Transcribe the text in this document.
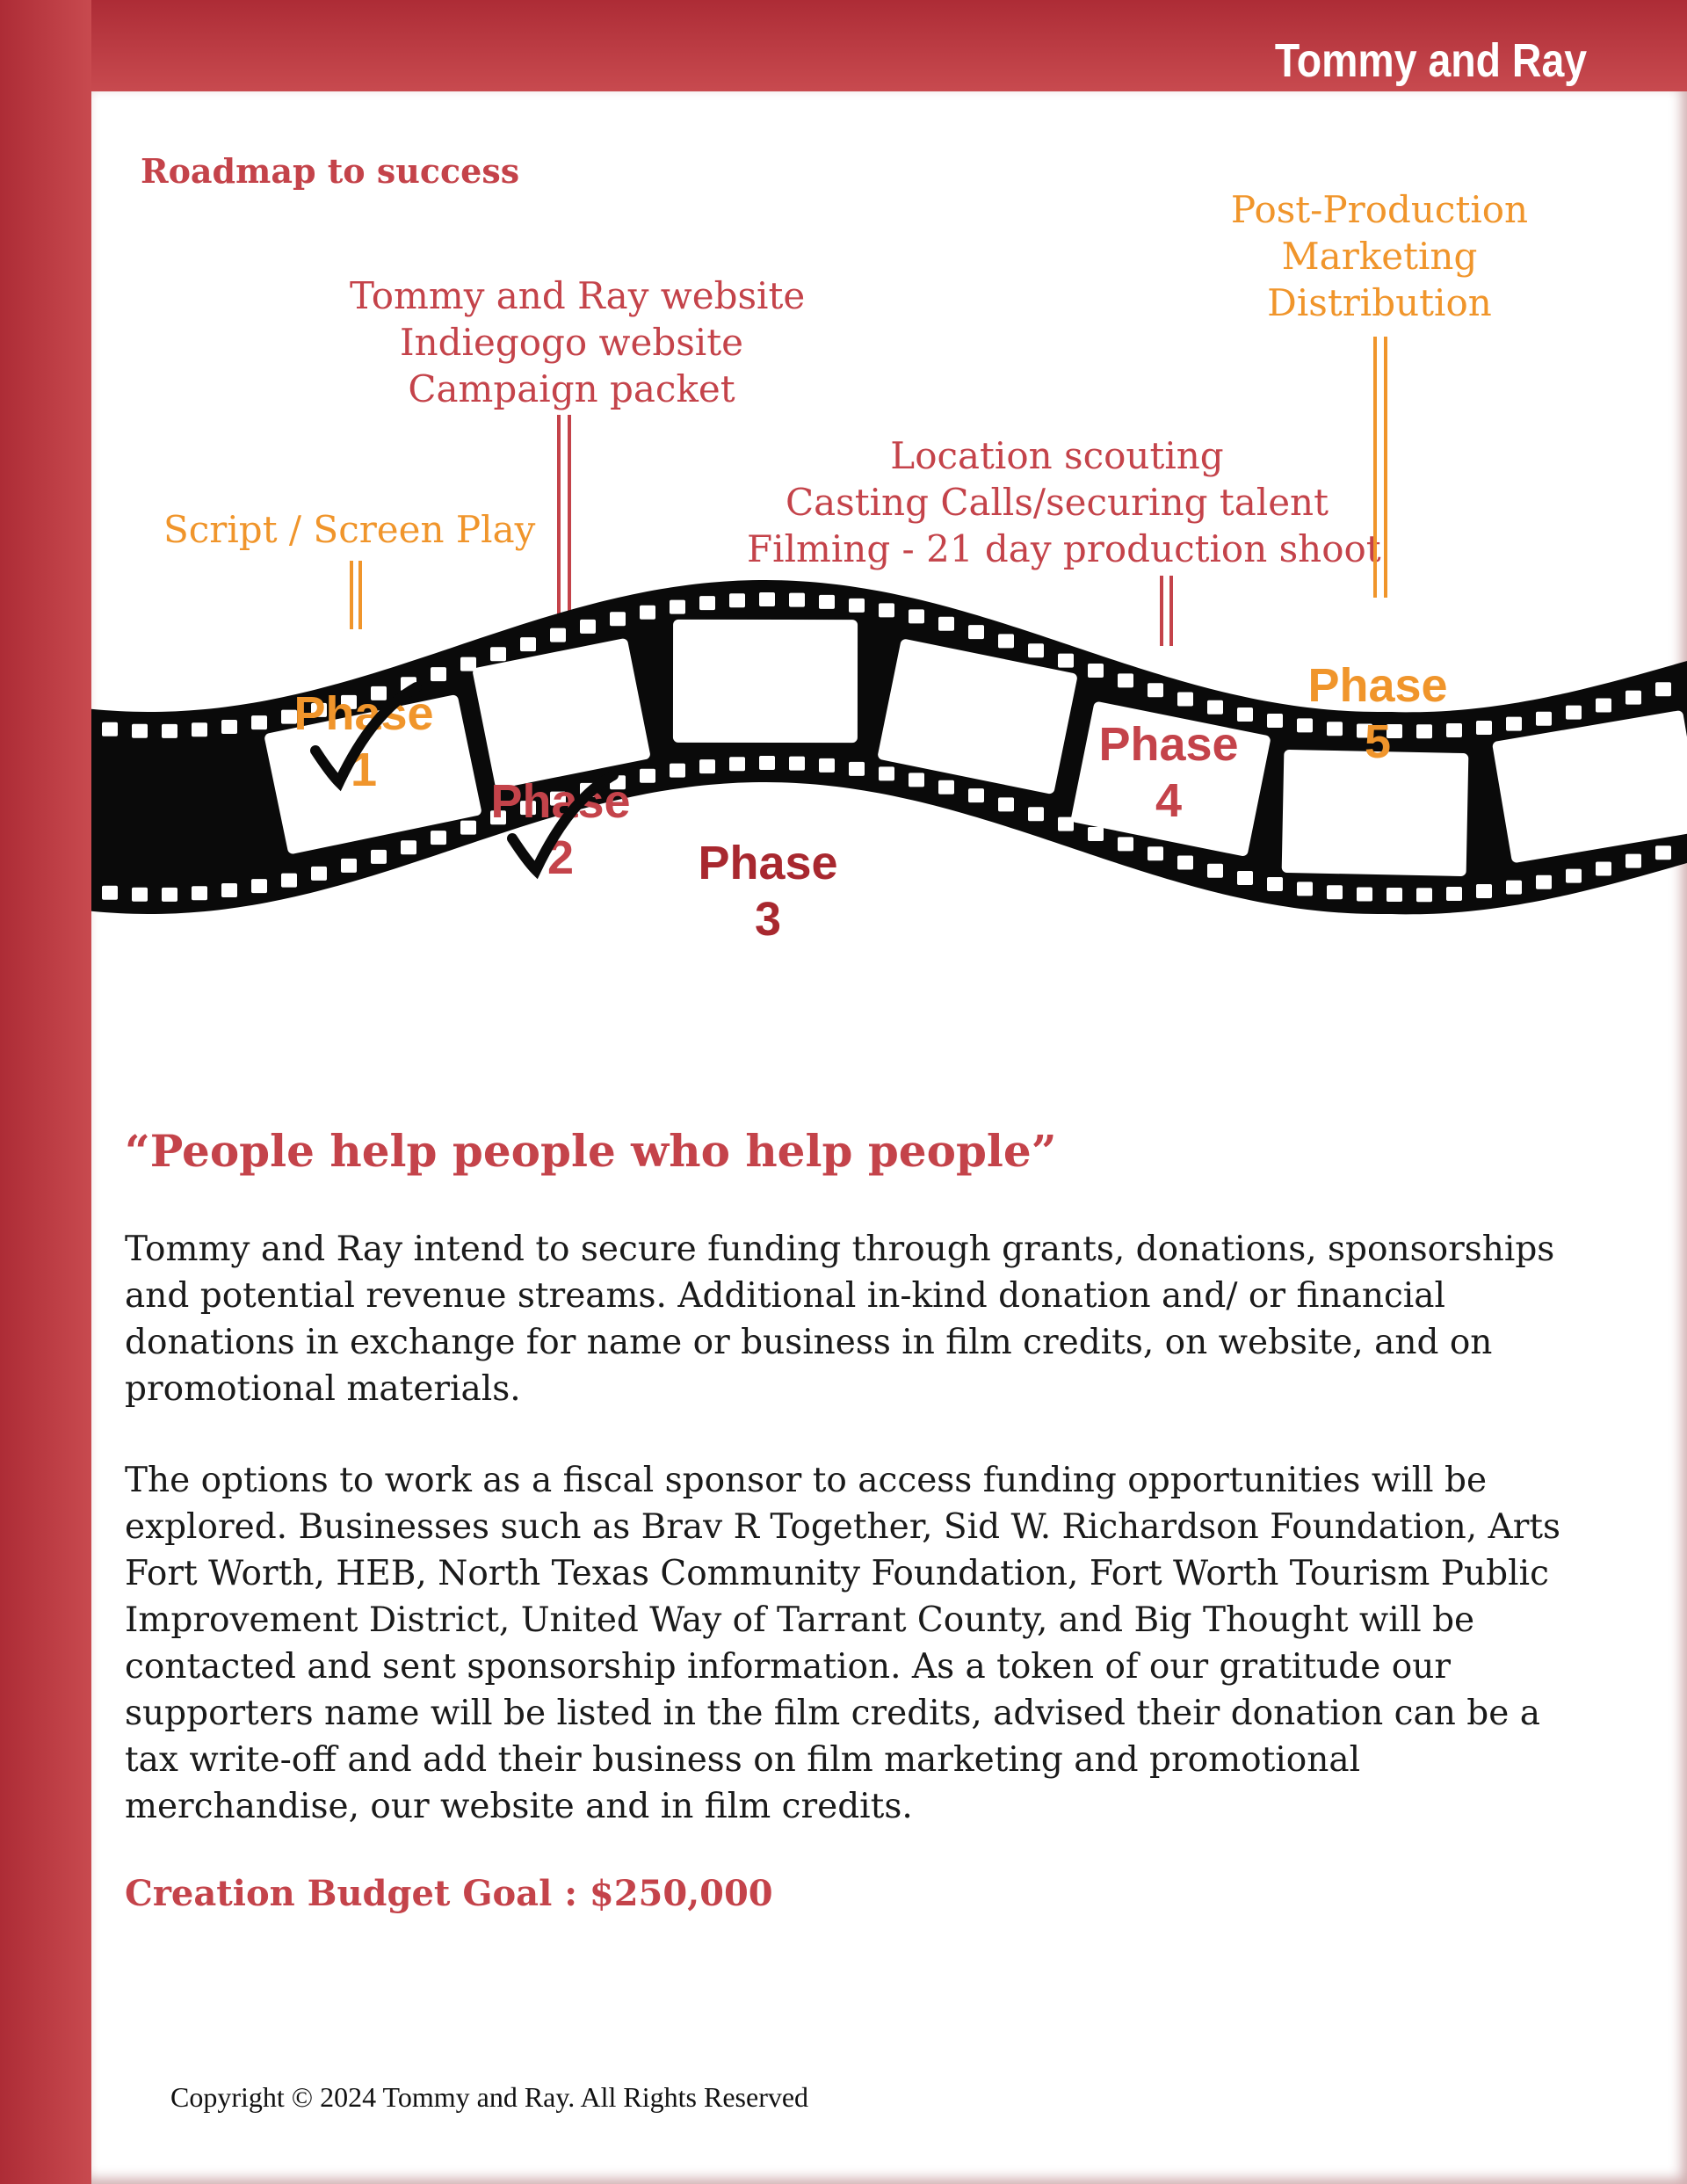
Tommy and Ray
Roadmap to success
Script / Screen Play
Tommy and Ray website
Indiegogo website
Campaign packet
Location scouting
Casting Calls/securing talent
Filming - 21 day production shoot
Post-Production
Marketing
Distribution
Phase
1
Phase
2	Phase
3
Phase
4
Phase
5
“People help people who help people”

Tommy and Ray intend to secure funding through grants, donations, sponsorships and potential revenue streams. Additional in-kind donation and/ or financial donations in exchange for name or business in film credits, on website, and on promotional materials.

The options to work as a fiscal sponsor to access funding opportunities will be explored. Businesses such as Brav R Together, Sid W. Richardson Foundation, Arts Fort Worth, HEB, North Texas Community Foundation, Fort Worth Tourism Public Improvement District, United Way of Tarrant County, and Big Thought will be contacted and sent sponsorship information. As a token of our gratitude our supporters name will be listed in the film credits, advised their donation can be a tax write-off and add their business on film marketing and promotional merchandise, our website and in film credits.

Creation Budget Goal : $250,000
Copyright © 2024 Tommy and Ray. All Rights Reserved
